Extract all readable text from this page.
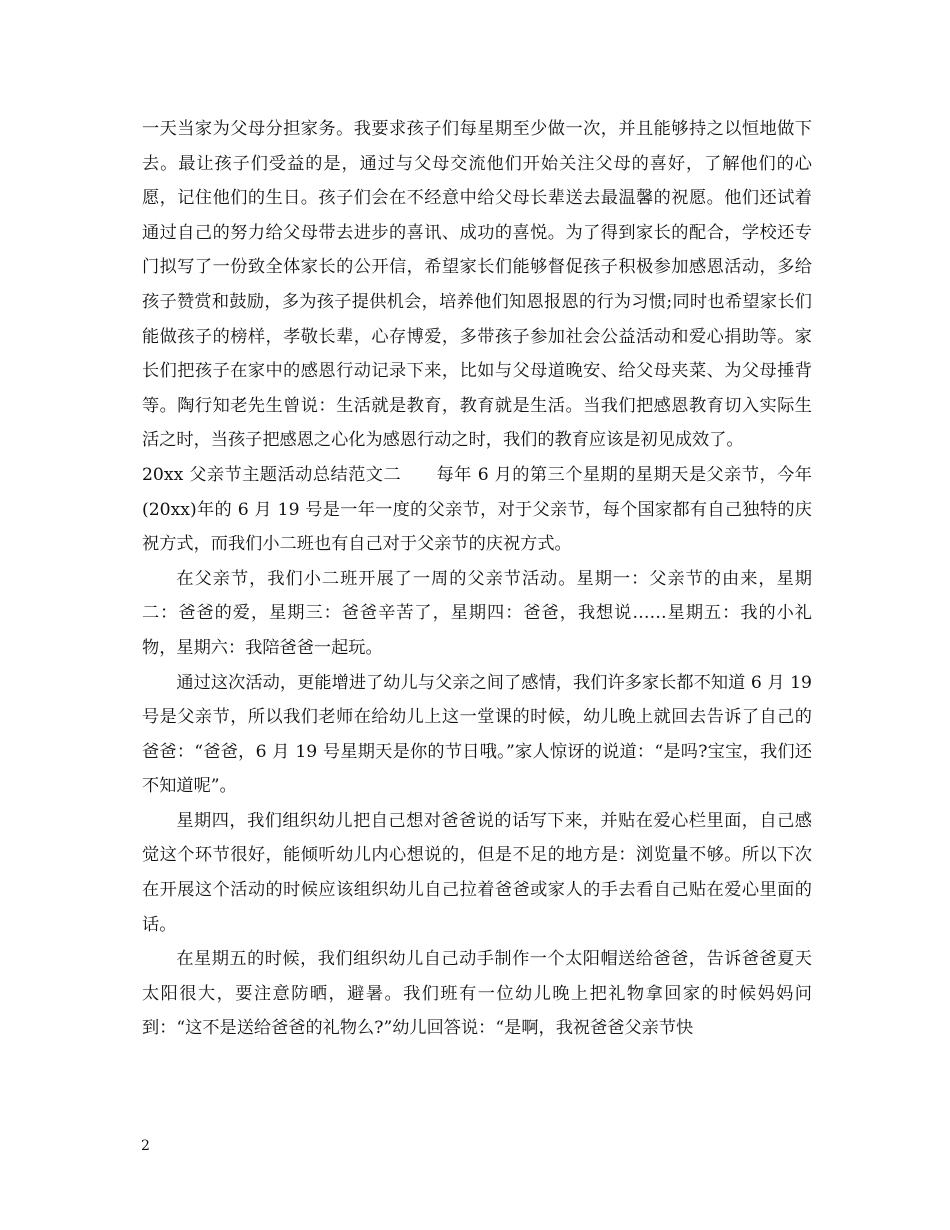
一天当家为父母分担家务。我要求孩子们每星期至少做一次，并且能够持之以恒地做下去。最让孩子们受益的是，通过与父母交流他们开始关注父母的喜好，了解他们的心愿，记住他们的生日。孩子们会在不经意中给父母长辈送去最温馨的祝愿。他们还试着通过自己的努力给父母带去进步的喜讯、成功的喜悦。为了得到家长的配合，学校还专门拟写了一份致全体家长的公开信，希望家长们能够督促孩子积极参加感恩活动，多给孩子赞赏和鼓励，多为孩子提供机会，培养他们知恩报恩的行为习惯;同时也希望家长们能做孩子的榜样，孝敬长辈，心存博爱，多带孩子参加社会公益活动和爱心捐助等。家长们把孩子在家中的感恩行动记录下来，比如与父母道晚安、给父母夹菜、为父母捶背等。陶行知老先生曾说：生活就是教育，教育就是生活。当我们把感恩教育切入实际生活之时，当孩子把感恩之心化为感恩行动之时，我们的教育应该是初见成效了。

20xx 父亲节主题活动总结范文二　　每年 6 月的第三个星期的星期天是父亲节，今年(20xx)年的 6 月 19 号是一年一度的父亲节，对于父亲节，每个国家都有自己独特的庆祝方式，而我们小二班也有自己对于父亲节的庆祝方式。

在父亲节，我们小二班开展了一周的父亲节活动。星期一：父亲节的由来，星期二：爸爸的爱，星期三：爸爸辛苦了，星期四：爸爸，我想说……星期五：我的小礼物，星期六：我陪爸爸一起玩。

通过这次活动，更能增进了幼儿与父亲之间了感情，我们许多家长都不知道 6 月 19 号是父亲节，所以我们老师在给幼儿上这一堂课的时候，幼儿晚上就回去告诉了自己的爸爸：“爸爸，6 月 19 号星期天是你的节日哦。”家人惊讶的说道：“是吗?宝宝，我们还不知道呢”。

星期四，我们组织幼儿把自己想对爸爸说的话写下来，并贴在爱心栏里面，自己感觉这个环节很好，能倾听幼儿内心想说的，但是不足的地方是：浏览量不够。所以下次在开展这个活动的时候应该组织幼儿自己拉着爸爸或家人的手去看自己贴在爱心里面的话。

在星期五的时候，我们组织幼儿自己动手制作一个太阳帽送给爸爸，告诉爸爸夏天太阳很大，要注意防晒，避暑。我们班有一位幼儿晚上把礼物拿回家的时候妈妈问到：“这不是送给爸爸的礼物么?”幼儿回答说：“是啊，我祝爸爸父亲节快

2
